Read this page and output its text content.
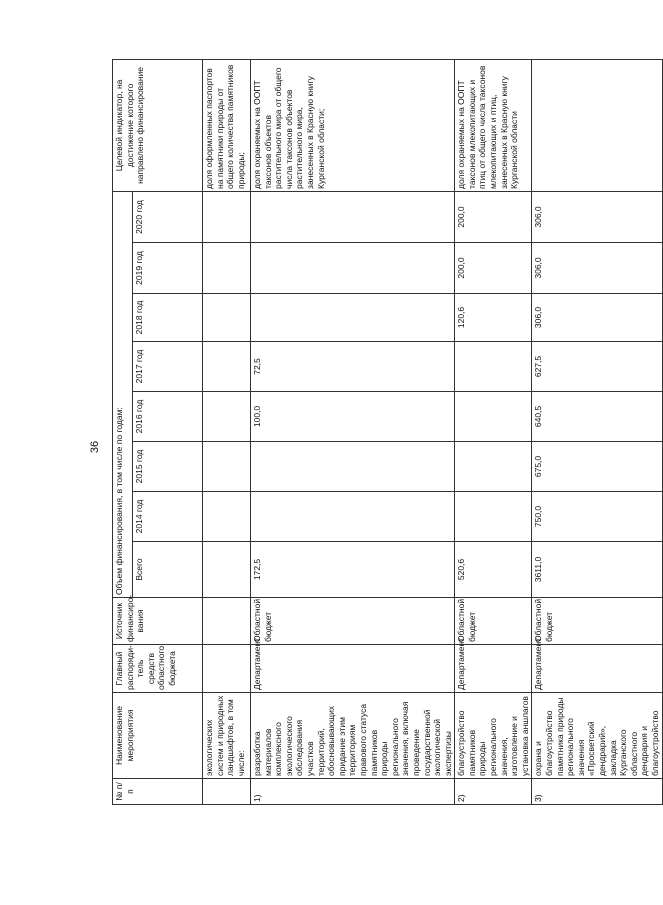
36
№ п/п	Наименование мероприятия	Главный распоряди-тель средств областного бюджета	Источник финансиро-вания	Объем финансирования, в том числе по годам:								Целевой индикатор, на достижение которого направлено финансирование
				Всего	2014 год	2015 год	2016 год	2017 год	2018 год	2019 год	2020 год	
	экологических систем и природных ландшафтов, в том числе:											доля оформленных паспортов на памятники природы от общего количества памятников природы;
1)	разработка материалов комплексного экологического обследования участков территорий, обосновывающих придание этим территориям правового статуса памятников природы регионального значения, включая проведение государственной экологической экспертизы	Департамент	Областной бюджет	172,5			100,0	72,5				доля охраняемых на ООПТ таксонов объектов растительного мира от общего числа таксонов объектов растительного мира, занесенных в Красную книгу Курганской области;
2)	благоустройство памятников природы регионального значения, изготовление и установка аншлагов	Департамент	Областной бюджет	520,6					120,6	200,0	200,0	доля охраняемых на ООПТ таксонов млекопитающих и птиц от общего числа таксонов млекопитающих и птиц, занесенных в Красную книгу Курганской области
3)	охрана и благоустройство памятника природы регионального значения «Просветский дендрарий», закладка Курганского областного дендрария и благоустройство	Департамент	Областной бюджет	3611,0	750,0	675,0	640,5	627,5	306,0	306,0	306,0	
